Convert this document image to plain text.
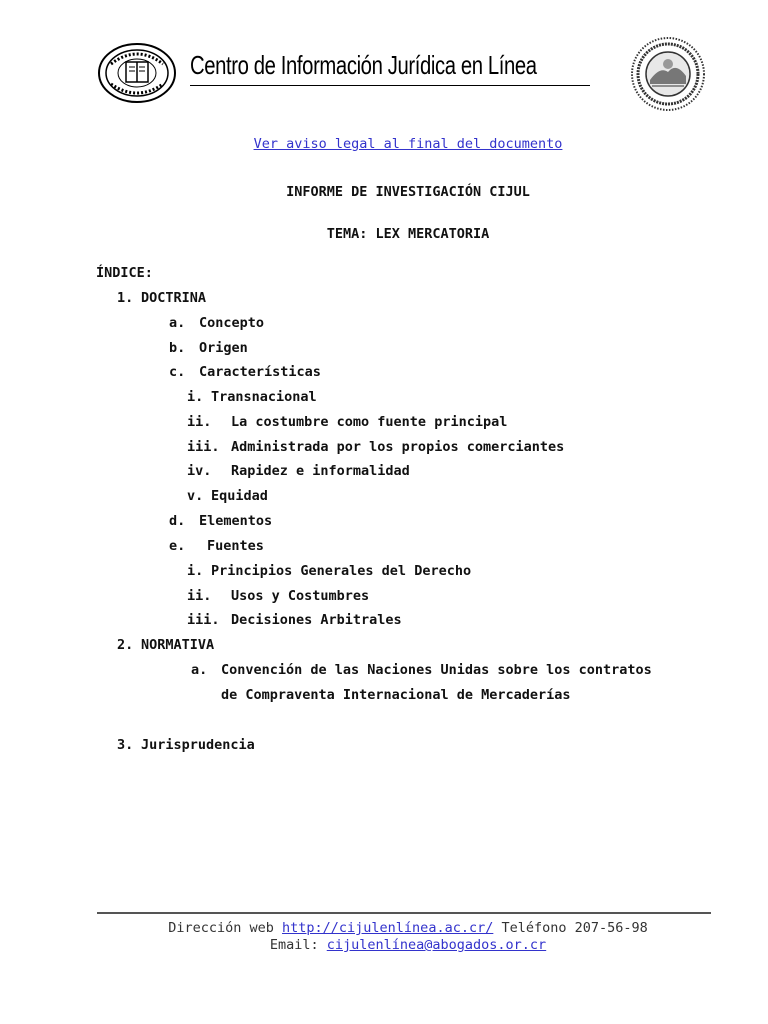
Centro de Información Jurídica en Línea
Ver aviso legal al final del documento
INFORME DE INVESTIGACIÓN CIJUL
TEMA: LEX MERCATORIA
ÍNDICE:
1. DOCTRINA
a. Concepto
b. Origen
c. Características
i. Transnacional
ii. La costumbre como fuente principal
iii. Administrada por los propios comerciantes
iv. Rapidez e informalidad
v. Equidad
d. Elementos
e. Fuentes
i. Principios Generales del Derecho
ii. Usos y Costumbres
iii. Decisiones Arbitrales
2. NORMATIVA
a. Convención de las Naciones Unidas sobre los contratos
de Compraventa Internacional de Mercaderías
3. Jurisprudencia
Dirección web http://cijulenlínea.ac.cr/ Teléfono 207-56-98
Email: cijulenlínea@abogados.or.cr
